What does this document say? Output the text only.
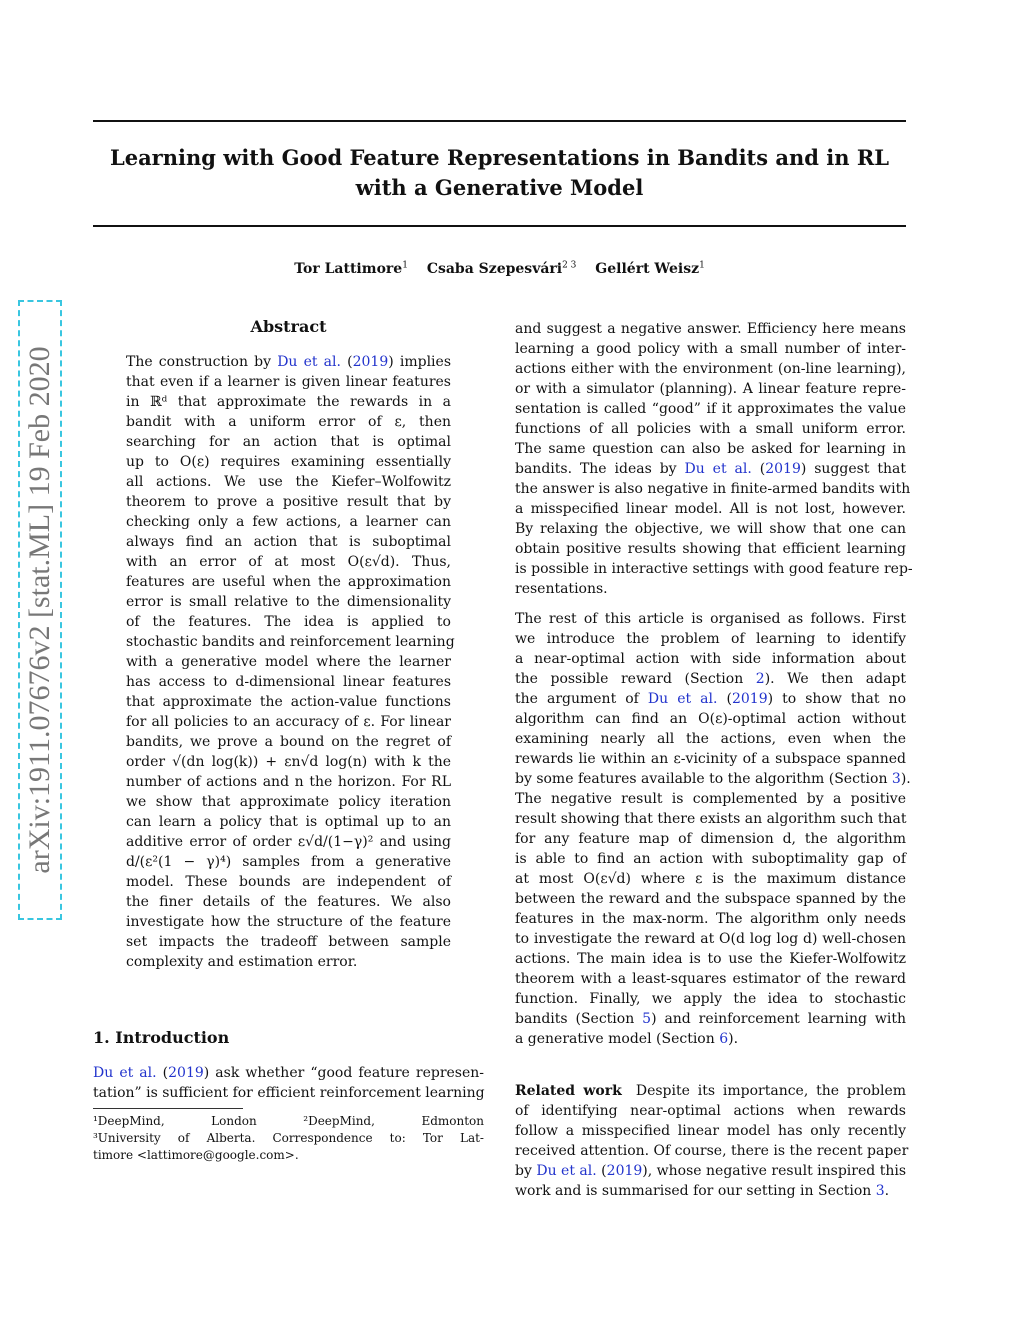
Learning with Good Feature Representations in Bandits and in RL
with a Generative Model
Tor Lattimore$^1$ Csaba Szepesvári$^{2 3}$ Gellért Weisz$^1$
arXiv:1911.07676v2 [stat.ML] 19 Feb 2020
Abstract
The construction by Du et al. (2019) implies
that even if a learner is given linear features
in ℝᵈ that approximate the rewards in a
bandit with a uniform error of ε, then
searching for an action that is optimal
up to O(ε) requires examining essentially
all actions. We use the Kiefer–Wolfowitz
theorem to prove a positive result that by
checking only a few actions, a learner can
always find an action that is suboptimal
with an error of at most O(ε√d). Thus,
features are useful when the approximation
error is small relative to the dimensionality
of the features. The idea is applied to
stochastic bandits and reinforcement learning
with a generative model where the learner
has access to d-dimensional linear features
that approximate the action-value functions
for all policies to an accuracy of ε. For linear
bandits, we prove a bound on the regret of
order √(dn log(k)) + εn√d log(n) with k the
number of actions and n the horizon. For RL
we show that approximate policy iteration
can learn a policy that is optimal up to an
additive error of order ε√d/(1−γ)² and using
d/(ε²(1 − γ)⁴) samples from a generative
model. These bounds are independent of
the finer details of the features. We also
investigate how the structure of the feature
set impacts the tradeoff between sample
complexity and estimation error.
1. Introduction
Du et al. (2019) ask whether “good feature represen-
tation” is sufficient for efficient reinforcement learning
¹DeepMind, London ²DeepMind, Edmonton
³University of Alberta. Correspondence to: Tor Lat-
timore <lattimore@google.com>.
and suggest a negative answer. Efficiency here means
learning a good policy with a small number of inter-
actions either with the environment (on-line learning),
or with a simulator (planning). A linear feature repre-
sentation is called “good” if it approximates the value
functions of all policies with a small uniform error.
The same question can also be asked for learning in
bandits. The ideas by Du et al. (2019) suggest that
the answer is also negative in finite-armed bandits with
a misspecified linear model. All is not lost, however.
By relaxing the objective, we will show that one can
obtain positive results showing that efficient learning
is possible in interactive settings with good feature rep-
resentations.
The rest of this article is organised as follows. First
we introduce the problem of learning to identify
a near-optimal action with side information about
the possible reward (Section 2). We then adapt
the argument of Du et al. (2019) to show that no
algorithm can find an O(ε)-optimal action without
examining nearly all the actions, even when the
rewards lie within an ε-vicinity of a subspace spanned
by some features available to the algorithm (Section 3).
The negative result is complemented by a positive
result showing that there exists an algorithm such that
for any feature map of dimension d, the algorithm
is able to find an action with suboptimality gap of
at most O(ε√d) where ε is the maximum distance
between the reward and the subspace spanned by the
features in the max-norm. The algorithm only needs
to investigate the reward at O(d log log d) well-chosen
actions. The main idea is to use the Kiefer-Wolfowitz
theorem with a least-squares estimator of the reward
function. Finally, we apply the idea to stochastic
bandits (Section 5) and reinforcement learning with
a generative model (Section 6).
Related work  Despite its importance, the problem
of identifying near-optimal actions when rewards
follow a misspecified linear model has only recently
received attention. Of course, there is the recent paper
by Du et al. (2019), whose negative result inspired this
work and is summarised for our setting in Section 3.
